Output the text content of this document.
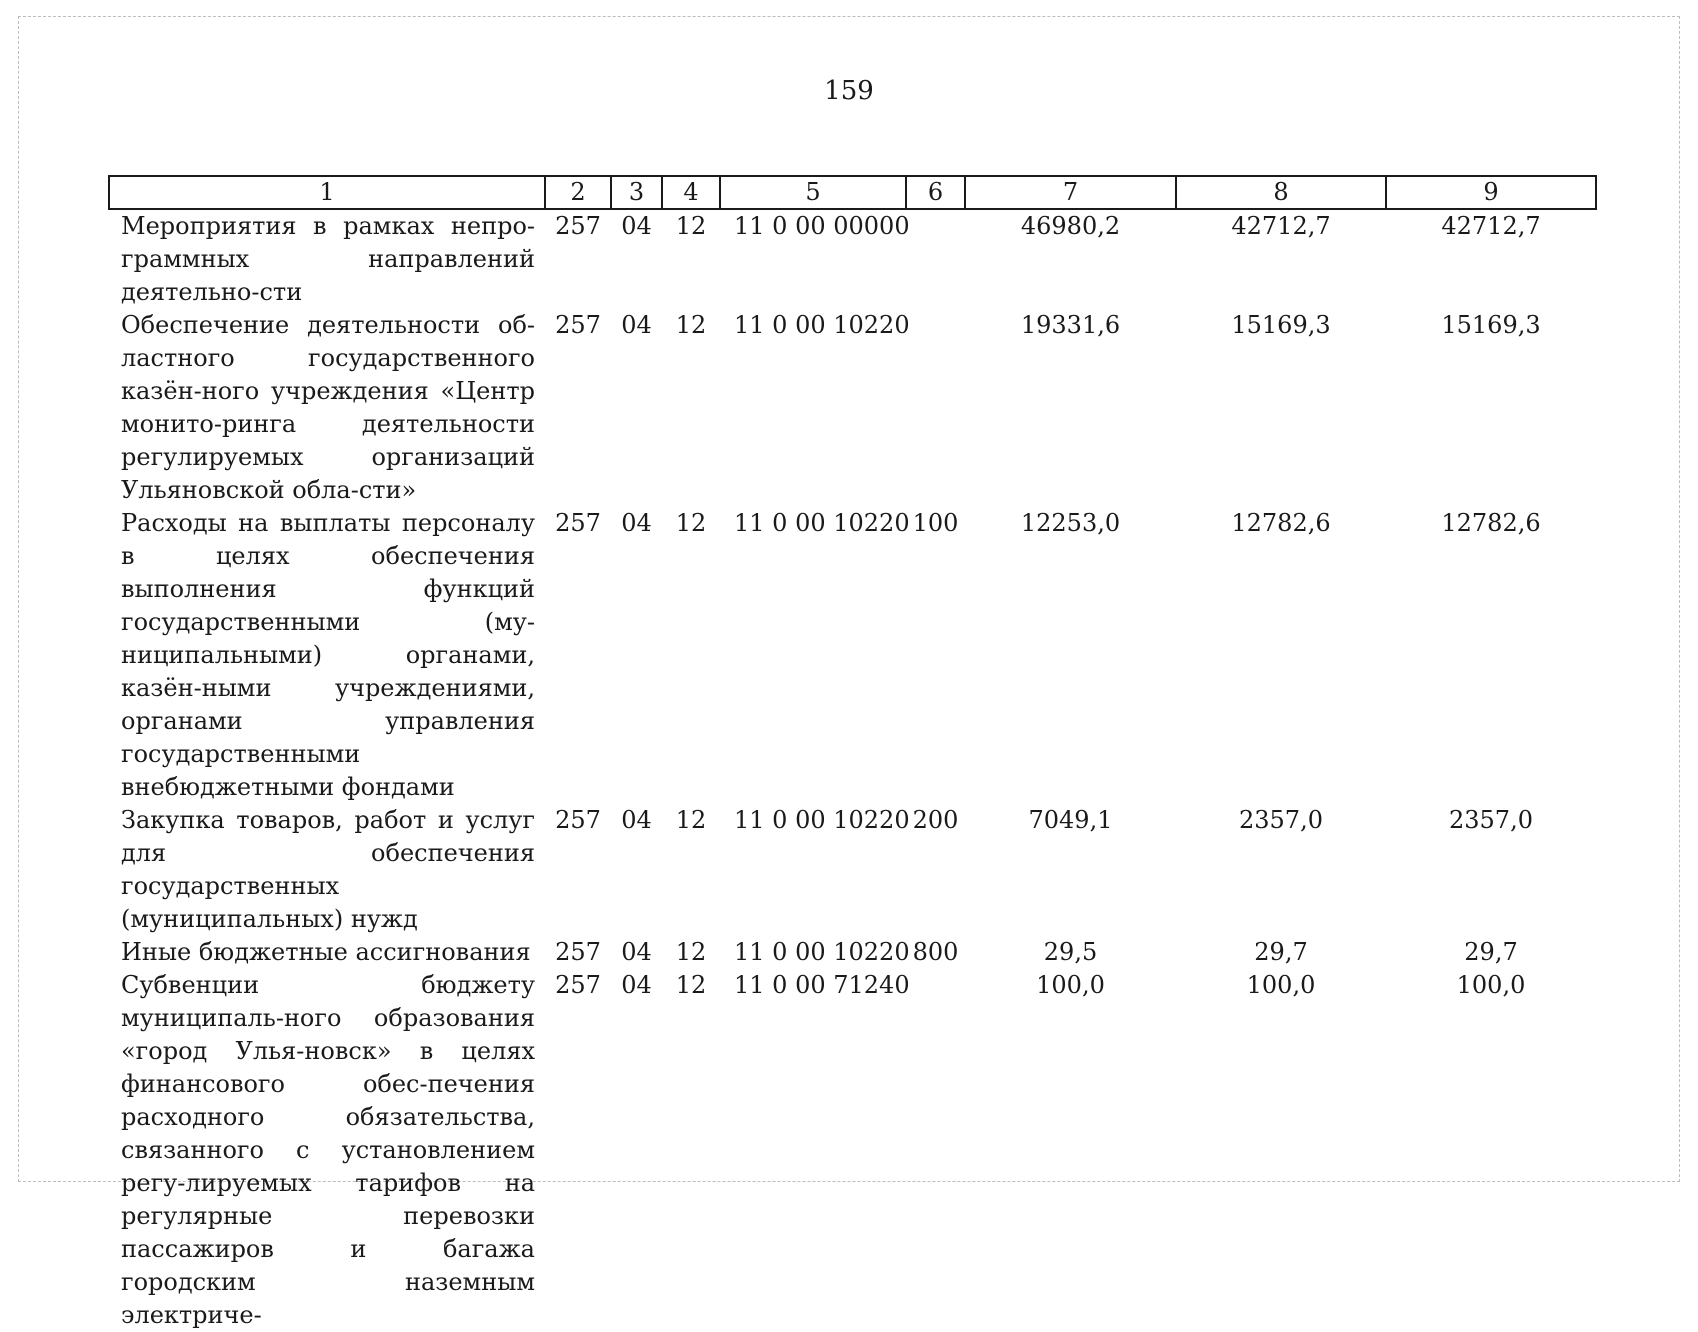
159
1	2	3	4	5	6	7	8	9

Мероприятия в рамках непро-граммных направлений деятельно-сти	257	04	12	11 0 00 00000		46980,2	42712,7	42712,7

Обеспечение деятельности об-ластного государственного казён-ного учреждения «Центр монито-ринга деятельности регулируемых организаций Ульяновской обла-сти»	257	04	12	11 0 00 10220		19331,6	15169,3	15169,3

Расходы на выплаты персоналу в целях обеспечения выполнения функций государственными (му-ниципальными) органами, казён-ными учреждениями, органами управления государственными внебюджетными фондами	257	04	12	11 0 00 10220	100	12253,0	12782,6	12782,6

Закупка товаров, работ и услуг для обеспечения государственных (муниципальных) нужд	257	04	12	11 0 00 10220	200	7049,1	2357,0	2357,0

Иные бюджетные ассигнования	257	04	12	11 0 00 10220	800	29,5	29,7	29,7

Субвенции бюджету муниципаль-ного образования «город Улья-новск» в целях финансового обес-печения расходного обязательства, связанного с установлением регу-лируемых тарифов на регулярные перевозки пассажиров и багажа городским наземным электриче-	257	04	12	11 0 00 71240		100,0	100,0	100,0
